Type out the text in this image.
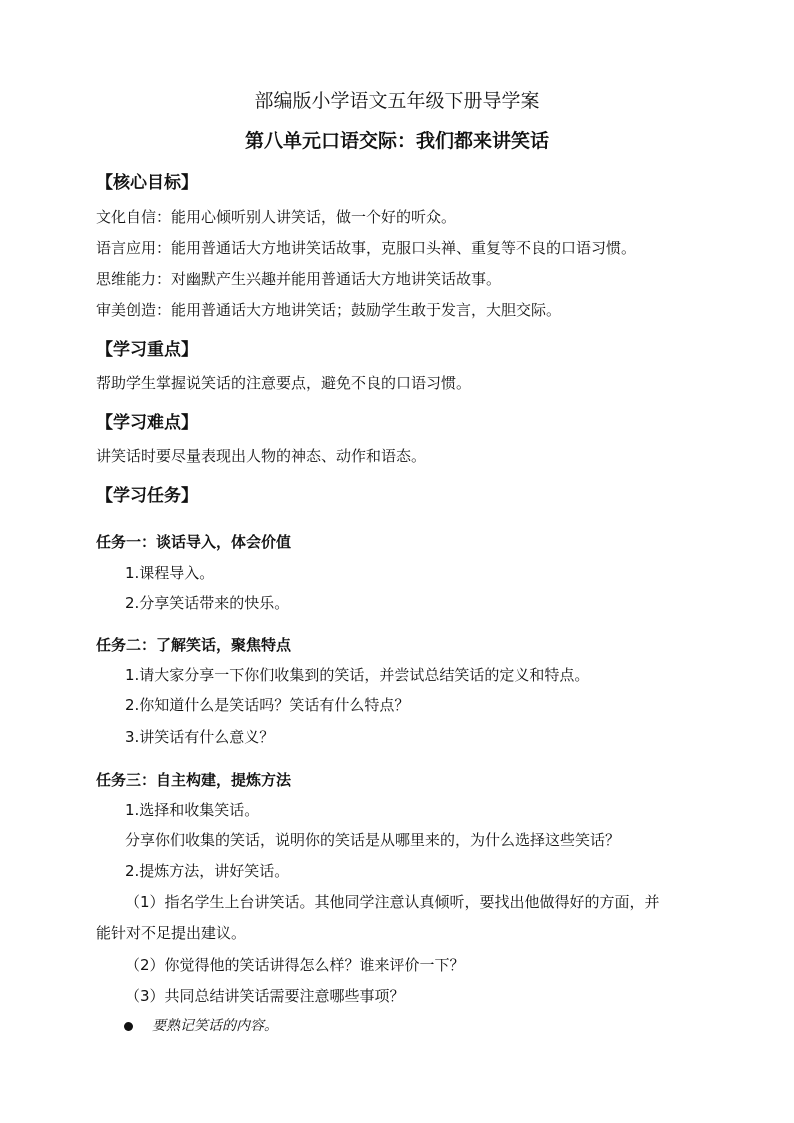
部编版小学语文五年级下册导学案
第八单元口语交际：我们都来讲笑话
【核心目标】
文化自信：能用心倾听别人讲笑话，做一个好的听众。
语言应用：能用普通话大方地讲笑话故事，克服口头禅、重复等不良的口语习惯。
思维能力：对幽默产生兴趣并能用普通话大方地讲笑话故事。
审美创造：能用普通话大方地讲笑话；鼓励学生敢于发言，大胆交际。
【学习重点】
帮助学生掌握说笑话的注意要点，避免不良的口语习惯。
【学习难点】
讲笑话时要尽量表现出人物的神态、动作和语态。
【学习任务】
任务一：谈话导入，体会价值
1.课程导入。
2.分享笑话带来的快乐。
任务二：了解笑话，聚焦特点
1.请大家分享一下你们收集到的笑话，并尝试总结笑话的定义和特点。
2.你知道什么是笑话吗？笑话有什么特点？
3.讲笑话有什么意义？
任务三：自主构建，提炼方法
1.选择和收集笑话。
分享你们收集的笑话，说明你的笑话是从哪里来的，为什么选择这些笑话？
2.提炼方法，讲好笑话。
（1）指名学生上台讲笑话。其他同学注意认真倾听，要找出他做得好的方面，并
能针对不足提出建议。
（2）你觉得他的笑话讲得怎么样？谁来评价一下？
（3）共同总结讲笑话需要注意哪些事项？
要熟记笑话的内容。
